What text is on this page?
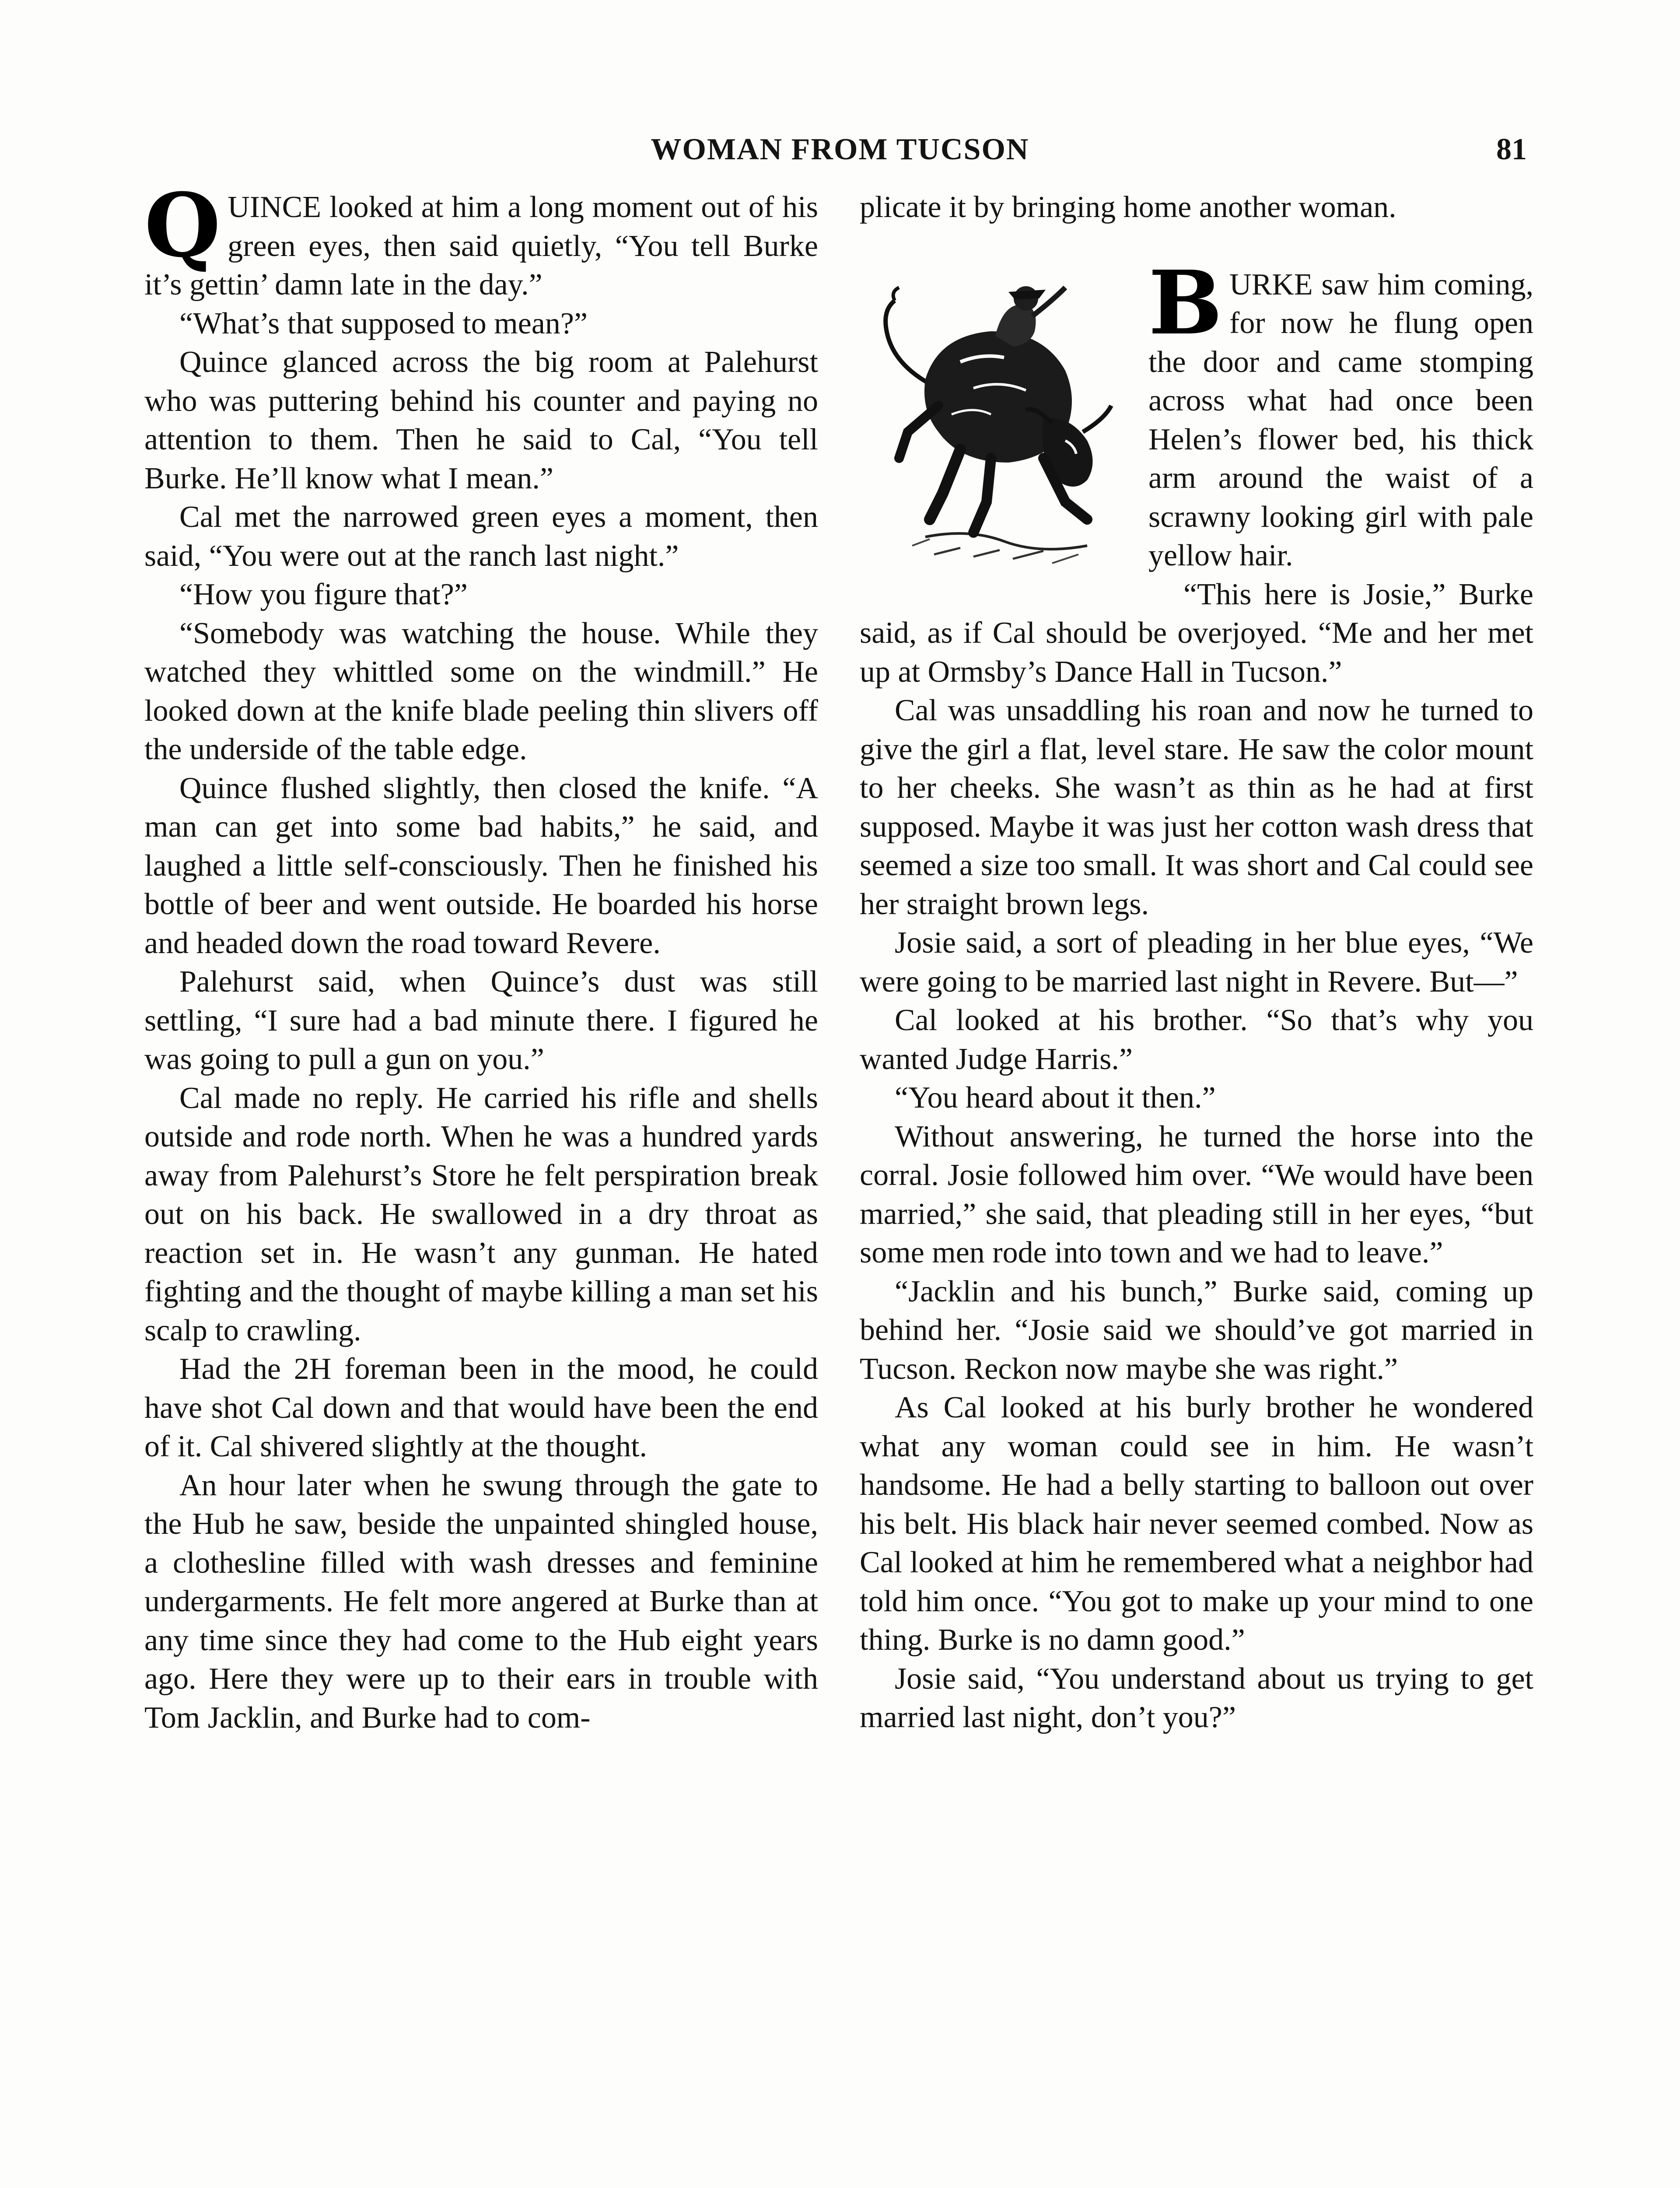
WOMAN FROM TUCSON	81

QUINCE looked at him a long moment out of his green eyes, then said quietly, “You tell Burke it’s gettin’ damn late in the day.”

“What’s that supposed to mean?”

Quince glanced across the big room at Palehurst who was puttering behind his counter and paying no attention to them. Then he said to Cal, “You tell Burke. He’ll know what I mean.”

Cal met the narrowed green eyes a moment, then said, “You were out at the ranch last night.”

“How you figure that?”

“Somebody was watching the house. While they watched they whittled some on the windmill.” He looked down at the knife blade peeling thin slivers off the underside of the table edge.

Quince flushed slightly, then closed the knife. “A man can get into some bad habits,” he said, and laughed a little self-consciously. Then he finished his bottle of beer and went outside. He boarded his horse and headed down the road toward Revere.

Palehurst said, when Quince’s dust was still settling, “I sure had a bad minute there. I figured he was going to pull a gun on you.”

Cal made no reply. He carried his rifle and shells outside and rode north. When he was a hundred yards away from Palehurst’s Store he felt perspiration break out on his back. He swallowed in a dry throat as reaction set in. He wasn’t any gunman. He hated fighting and the thought of maybe killing a man set his scalp to crawling.

Had the 2H foreman been in the mood, he could have shot Cal down and that would have been the end of it. Cal shivered slightly at the thought.

An hour later when he swung through the gate to the Hub he saw, beside the unpainted shingled house, a clothesline filled with wash dresses and feminine undergarments. He felt more angered at Burke than at any time since they had come to the Hub eight years ago. Here they were up to their ears in trouble with Tom Jacklin, and Burke had to com-

plicate it by bringing home another woman.

BURKE saw him coming, for now he flung open the door and came stomping across what had once been Helen’s flower bed, his thick arm around the waist of a scrawny looking girl with pale yellow hair.

“This here is Josie,” Burke said, as if Cal should be overjoyed. “Me and her met up at Ormsby’s Dance Hall in Tucson.”

Cal was unsaddling his roan and now he turned to give the girl a flat, level stare. He saw the color mount to her cheeks. She wasn’t as thin as he had at first supposed. Maybe it was just her cotton wash dress that seemed a size too small. It was short and Cal could see her straight brown legs.

Josie said, a sort of pleading in her blue eyes, “We were going to be married last night in Revere. But—”

Cal looked at his brother. “So that’s why you wanted Judge Harris.”

“You heard about it then.”

Without answering, he turned the horse into the corral. Josie followed him over. “We would have been married,” she said, that pleading still in her eyes, “but some men rode into town and we had to leave.”

“Jacklin and his bunch,” Burke said, coming up behind her. “Josie said we should’ve got married in Tucson. Reckon now maybe she was right.”

As Cal looked at his burly brother he wondered what any woman could see in him. He wasn’t handsome. He had a belly starting to balloon out over his belt. His black hair never seemed combed. Now as Cal looked at him he remembered what a neighbor had told him once. “You got to make up your mind to one thing. Burke is no damn good.”

Josie said, “You understand about us trying to get married last night, don’t you?”
